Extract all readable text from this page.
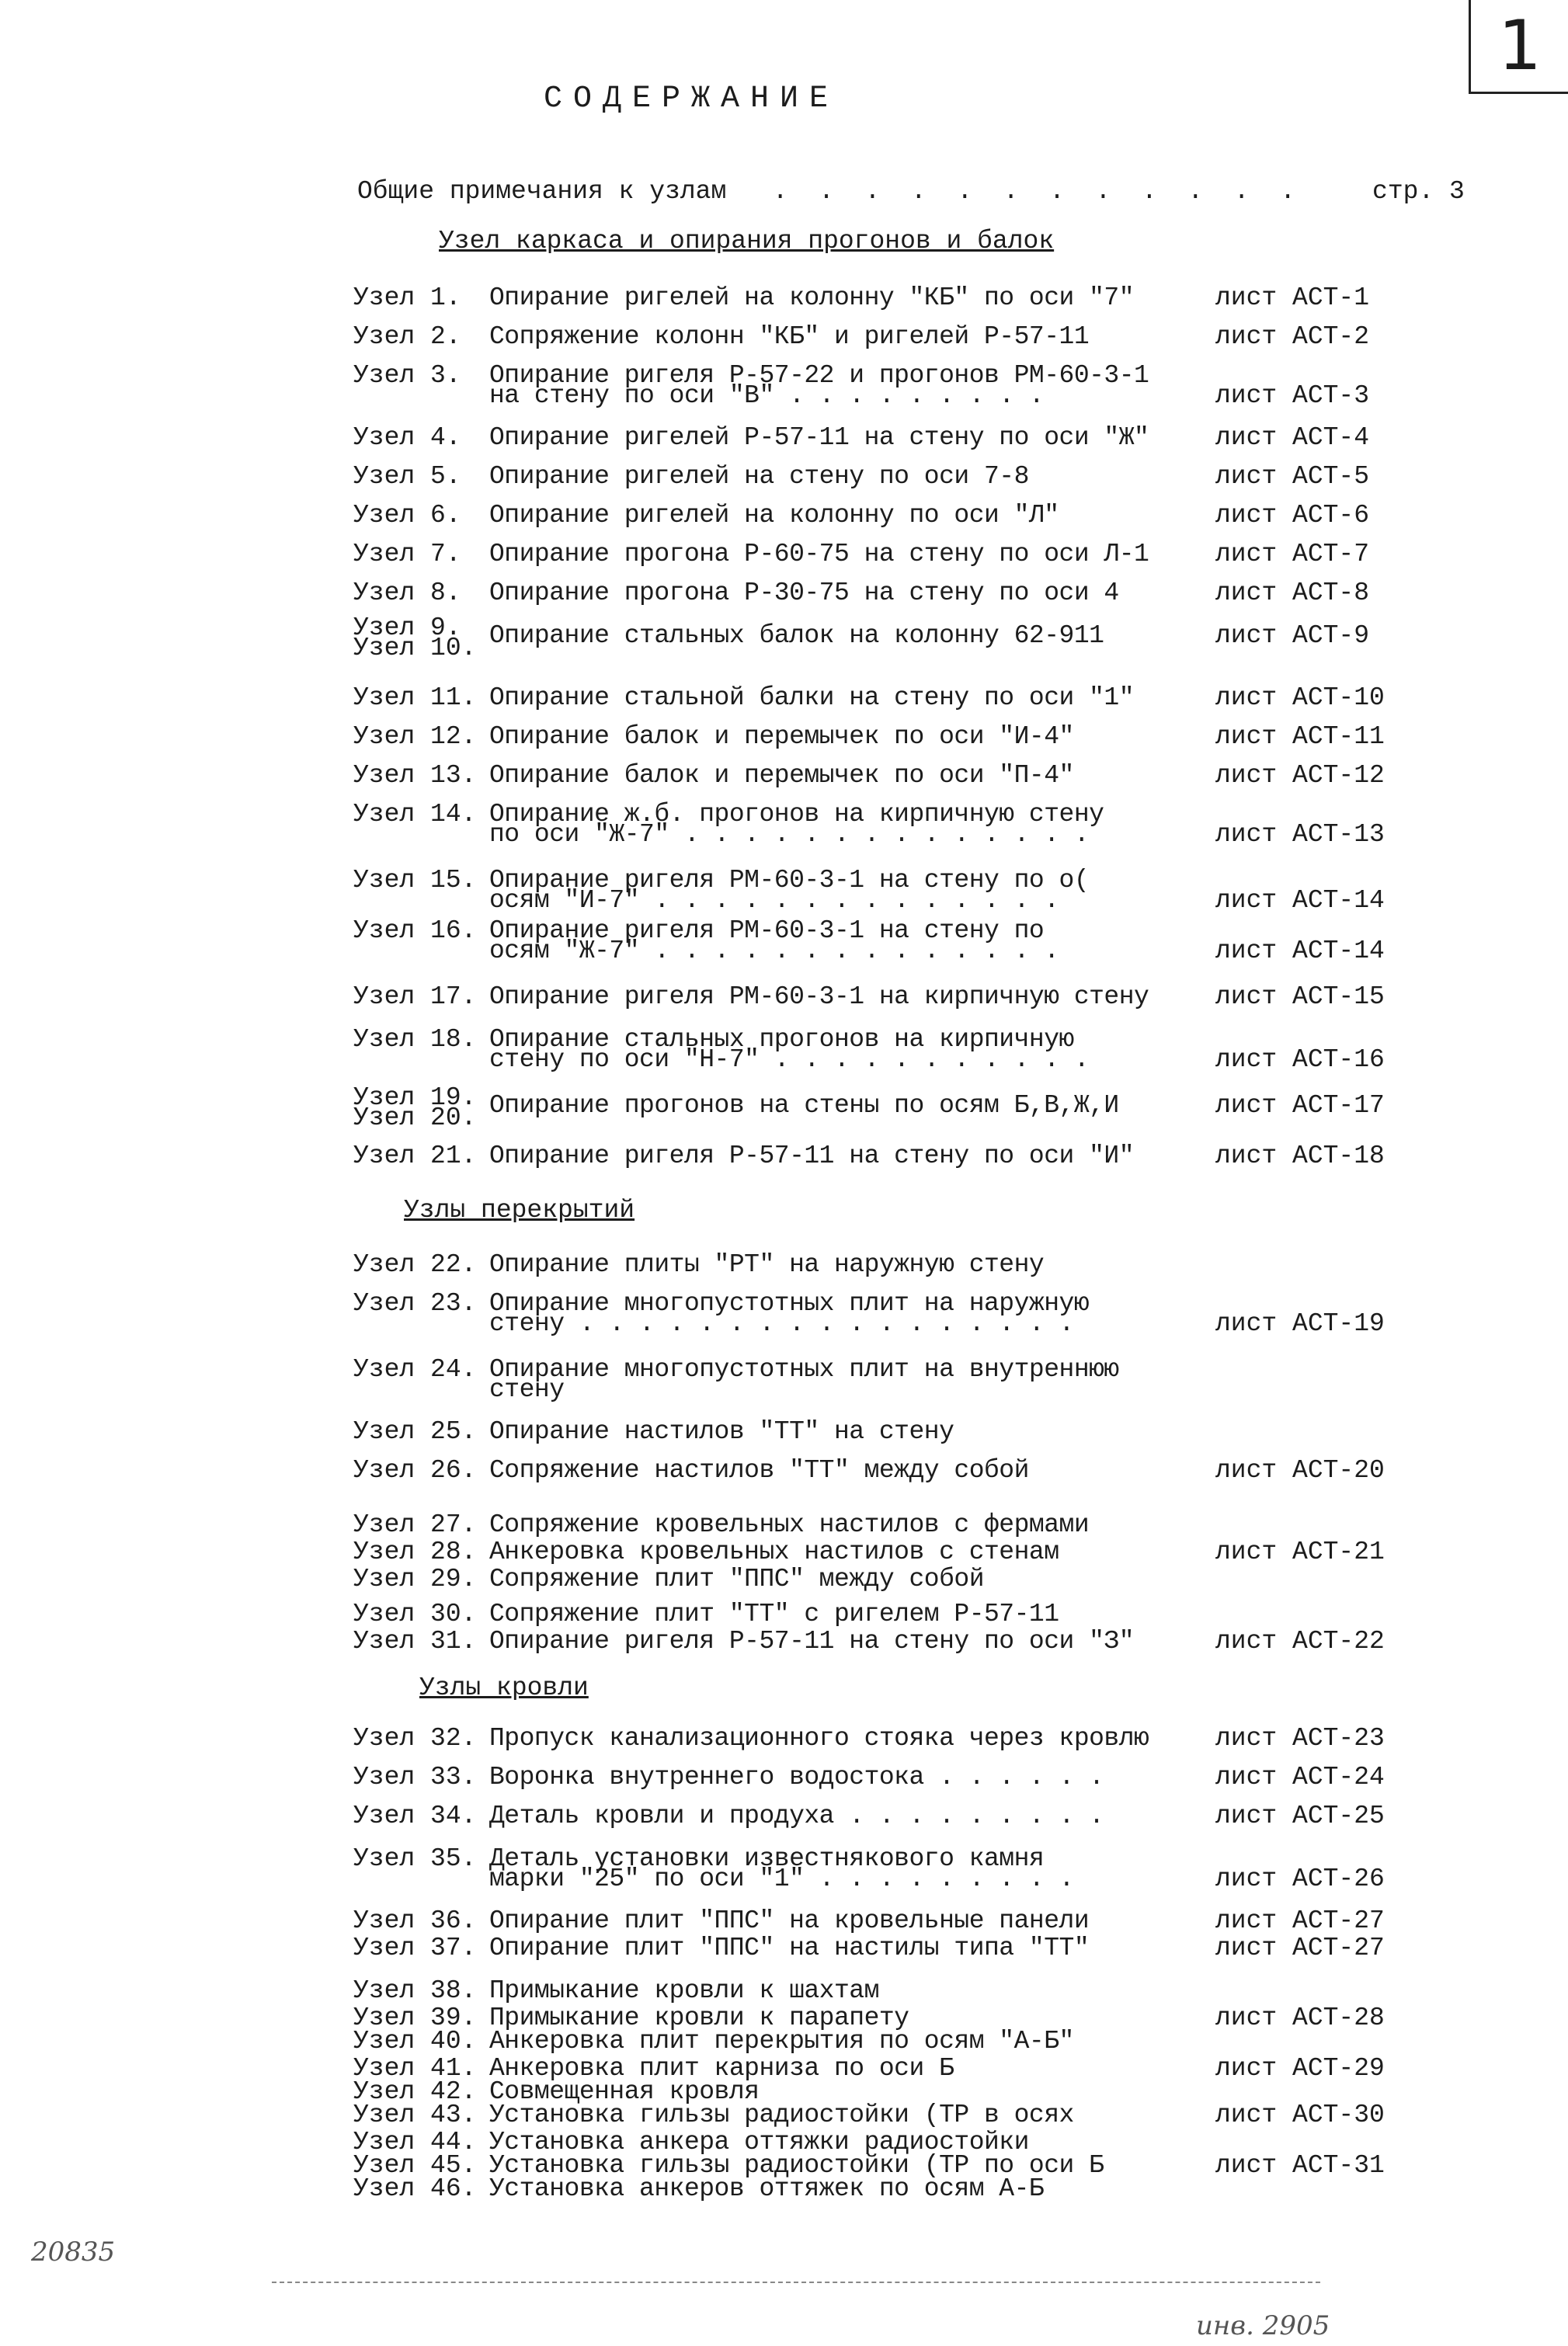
1
СОДЕРЖАНИЕ
Общие примечания к узлам   .  .  .  .  .  .  .  .  .  .  .  .     стр. 3
Узел каркаса и опирания прогонов и балок
Узлы перекрытий
Узлы кровли
Узел 1. Опирание ригелей на колонну "КБ" по оси "7"	лист АСТ-1
Узел 2. Сопряжение колонн "КБ" и ригелей Р-57-11	лист АСТ-2
Узел 3. Опирание ригеля Р-57-22 и прогонов РМ-60-3-1
на стену по оси "В" . . . . . . . . .	лист АСТ-3
Узел 4. Опирание ригелей Р-57-11 на стену по оси "Ж"	лист АСТ-4
Узел 5. Опирание ригелей на стену по оси 7-8	лист АСТ-5
Узел 6. Опирание ригелей на колонну по оси "Л"	лист АСТ-6
Узел 7. Опирание прогона Р-60-75 на стену по оси Л-1	лист АСТ-7
Узел 8. Опирание прогона Р-30-75 на стену по оси 4	лист АСТ-8
Узел 9.
Узел 10. Опирание стальных балок на колонну 62-911	лист АСТ-9
Узел 11. Опирание стальной балки на стену по оси "1"	лист АСТ-10
Узел 12. Опирание балок и перемычек по оси "И-4"	лист АСТ-11
Узел 13. Опирание балок и перемычек по оси "П-4"	лист АСТ-12
Узел 14. Опирание ж.б. прогонов на кирпичную стену
по оси "Ж-7" . . . . . . . . . . . . . .	лист АСТ-13
Узел 15. Опирание ригеля РМ-60-3-1 на стену по о(
осям "И-7" . . . . . . . . . . . . . .	лист АСТ-14
Узел 16. Опирание ригеля РМ-60-3-1 на стену по
осям "Ж-7" . . . . . . . . . . . . . .	лист АСТ-14
Узел 17. Опирание ригеля РМ-60-3-1 на кирпичную стену	лист АСТ-15
Узел 18. Опирание стальных прогонов на кирпичную
стену по оси "Н-7" . . . . . . . . . . .	лист АСТ-16
Узел 19.
Узел 20. Опирание прогонов на стены по осям Б,В,Ж,И	лист АСТ-17
Узел 21. Опирание ригеля Р-57-11 на стену по оси "И"	лист АСТ-18
Узел 22. Опирание плиты "РТ" на наружную стену
Узел 23. Опирание многопустотных плит на наружную
стену . . . . . . . . . . . . . . . . .	лист АСТ-19
Узел 24. Опирание многопустотных плит на внутреннюю
стену
Узел 25. Опирание настилов "ТТ" на стену
Узел 26. Сопряжение настилов "ТТ" между собой	лист АСТ-20
Узел 27. Сопряжение кровельных настилов с фермами
Узел 28. Анкеровка кровельных настилов с стенам	лист АСТ-21
Узел 29. Сопряжение плит "ППС" между собой
Узел 30. Сопряжение плит "ТТ" с ригелем Р-57-11
Узел 31. Опирание ригеля Р-57-11 на стену по оси "З"	лист АСТ-22
Узел 32. Пропуск канализационного стояка через кровлю	лист АСТ-23
Узел 33. Воронка внутреннего водостока . . . . . .	лист АСТ-24
Узел 34. Деталь кровли и продуха . . . . . . . . .	лист АСТ-25
Узел 35. Деталь установки известнякового камня
марки "25" по оси "1" . . . . . . . . .	лист АСТ-26
Узел 36. Опирание плит "ППС" на кровельные панели	лист АСТ-27
Узел 37. Опирание плит "ППС" на настилы типа "ТТ"	лист АСТ-27
Узел 38. Примыкание кровли к шахтам
Узел 39. Примыкание кровли к парапету	лист АСТ-28
Узел 40. Анкеровка плит перекрытия по осям "А-Б"
Узел 41. Анкеровка плит карниза по оси Б	лист АСТ-29
Узел 42. Совмещенная кровля
Узел 43. Установка гильзы радиостойки (ТР в осях	лист АСТ-30
Узел 44. Установка анкера оттяжки радиостойки
Узел 45. Установка гильзы радиостойки (ТР по оси Б	лист АСТ-31
Узел 46. Установка анкеров оттяжек по осям А-Б
20835
инв. 2905
